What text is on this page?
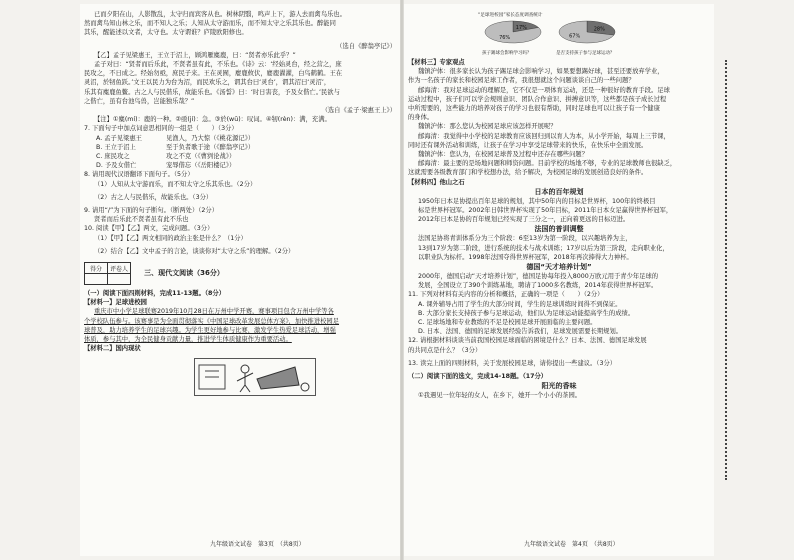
已而夕阳在山，人影散乱，太守归而宾客从也。树林阴翳，鸣声上下，游人去而禽鸟乐也。

然而禽鸟知山林之乐，而不知人之乐；人知从太守游而乐，而不知太守之乐其乐也。醉能同

其乐，醒能述以文者，太守也。太守谓谁？庐陵欧阳修也。

（选自《醉翁亭记》）

【乙】孟子见梁惠王，王立于沼上，顾鸿雁麋鹿，曰：“贤者亦乐此乎？”

孟子对曰：“贤者而后乐此，不贤者虽有此，不乐也。《诗》云：‘经始灵台，经之营之，庶

民攻之，不日成之。经始勿亟，庶民子来。王在灵囿，麀鹿攸伏，麀鹿濯濯，白鸟鹤鹤。王在

灵沼，於牣鱼跃。’文王以民力为台为沼，而民欢乐之，谓其台曰‘灵台’，谓其沼曰‘灵沼’，

乐其有麋鹿鱼鳖。古之人与民偕乐，故能乐也。《汤誓》曰：‘时日害丧，予及女偕亡。’民欲与

之偕亡，虽有台池鸟兽，岂能独乐哉？”

（选自《孟子·梁惠王上》）

【注】①麋(mí)：鹿的一种。②亟(jí)：急。③於(wū)：叹词。④牣(rèn)：满，充满。

7. 下面句子中加点词意思相同的一组是（　　）（3分）

A. 孟子见梁惠王	见渔人，乃大惊（《桃花源记》）
B. 王立于沼上	至于负者歌于途（《醉翁亭记》）
C. 庶民攻之	攻之不克（《曹刿论战》）
D. 予及女偕亡	宠辱偕忘（《岳阳楼记》）

8. 请用现代汉语翻译下面句子。（5分）

（1）人知从太守游而乐，而不知太守之乐其乐也。（2分）

（2）古之人与民偕乐，故能乐也。（3分）

9. 请用“/”为下面的句子断句。（断两处）（2分）

贤者而后乐此不贤者虽有此不乐也

10. 阅读【甲】【乙】两文，完成问题。（3分）

（1）【甲】【乙】两文相同的政治主张是什么？（1分）

（2）结合【乙】文中孟子的言论，谈谈你对“太守之乐”的理解。（2分）

得分	评卷人
	三、现代文阅读（36分）

（一）阅读下面四则材料，完成11-13题。（8分）

【材料一】足球进校园

重庆市中小学足球联赛2019年10月28日在万州中学开赛，赛事项目包含万州中学等各

个学校队伍参与。该赛事是为全面贯彻落实《中国足球改革发展总体方案》，加快推进校园足

球普及，助力培养学生的足球兴趣。为学生更好地参与比赛，激发学生热爱足球活动，增强

体质，参与其中，为全民健身贡献力量，推进学生体质健康作为重要活动。

【材料二】国内现状

九年级语文试卷　第3页　（共8页）
“足球进校园”家长态度调查统计
17%
76%
孩子踢球会影响学习吗？
28%
67%
是否支持孩子参与足球运动？

【材料三】专家观点

魏镇沪体：很多家长认为孩子踢足球会影响学习，如果要想踢好球，甚至还要放弃学业，

作为一名孩子的家长和校园足球工作者，我很想就这个问题谈谈自己的一些问题？

邮海清：我对足球运动的理解是，它不仅是一项体育运动，还是一种很好的教育手段。足球

运动过程中，孩子们可以学会规则意识、团队合作意识、拼搏意识等，这些都是孩子成长过程

中所需要的，这些能力的培养对孩子的学习也很有帮助，同时足球也可以让孩子有一个健康

的身体。

魏镇沪体：那么您认为校园足球应该怎样开展呢？

邮海清：我觉得中小学校的足球教育应该回归到以育人为本，从小学开始，每周上三节课，

同时还有课外活动和训练，让孩子在学习中享受足球带来的快乐，在快乐中全面发展。

魏镇沪体：您认为，在校园足球普及过程中还存在哪些问题？

邮海清：最主要的是场地问题和师资问题。目前学校的场地不够，专业的足球教师也很缺乏，

这就需要各级教育部门和学校想办法，给予解决，为校园足球的发展创造良好的条件。

【材料四】他山之石

日本的百年规划

1950年日本足协提出百年足球的规划，其中50年内的目标是世界杯，100年的终极目

标是世界杯冠军。2002年日韩世界杯实现了50年目标，2011年日本女足赢得世界杯冠军，

2012年日本足协的百年规划已经实现了三分之一，正向着更远的目标迈进。

法国的普训调整

法国足协将青训体系分为三个阶段：6至13岁为第一阶段，以兴趣培养为主，

13到17岁为第二阶段，进行系统的技术与战术训练；17岁以后为第三阶段，走向职业化，

以职业队为标杆。1998年法国夺得世界杯冠军，2018年再次捧得大力神杯。

德国“天才培养计划”

2000年，德国启动“天才培养计划”，德国足协每年投入8000万欧元用于青少年足球的

发展，全国设立了390个训练基地，聘请了1000多名教练，2014年获得世界杯冠军。

11. 下列对材料有关内容的分析和概括，正确的一项是（　　）（2分）

A. 课外辅导占用了学生的大部分时间，学生的足球训练时间得不到保证。

B. 大部分家长支持孩子参与足球运动，他们认为足球运动能提高学生的成绩。

C. 足球场地和专业教练的不足是校园足球开展面临的主要问题。

D. 日本、法国、德国的足球发展经验告诉我们，足球发展需要长期规划。

12. 请根据材料谈谈当前我国校园足球面临的困境是什么？日本、法国、德国足球发展

的共同点是什么？（3分）

13. 读完上面的四则材料，关于发展校园足球，请你提出一些建议。（3分）

（二）阅读下面的选文，完成14-18题。（17分）

阳光的香味

①我遇见一位年轻的女人，在乡下，她开一个小小的茶园。

九年级语文试卷　第4页　（共8页）
